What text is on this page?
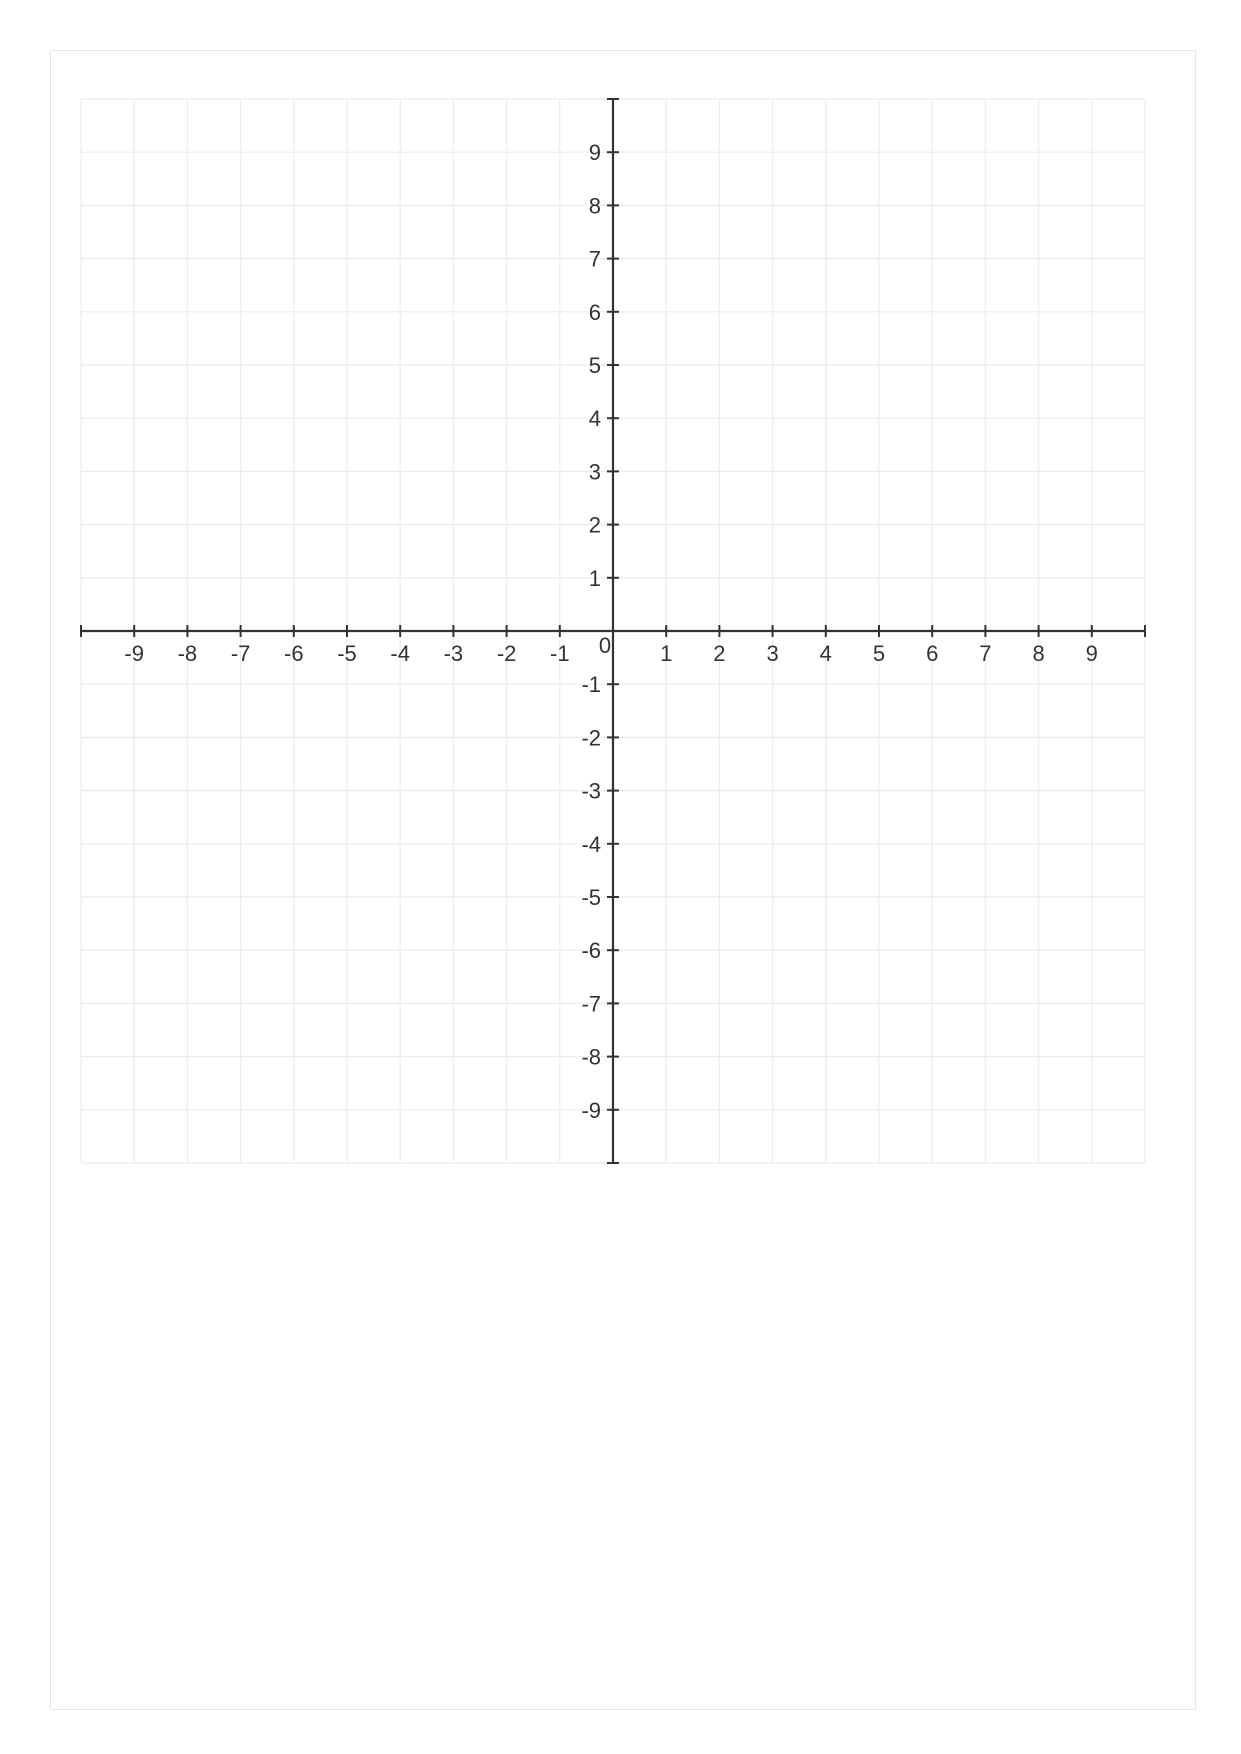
-9 -8 -7 -6 -5 -4 -3 -2 -1	1 2 3 4 5 6 7 8 9
9
8
7
6
5
4
3
2
1
-1
-2
-3
-4
-5
-6
-7
-8
-9
0
